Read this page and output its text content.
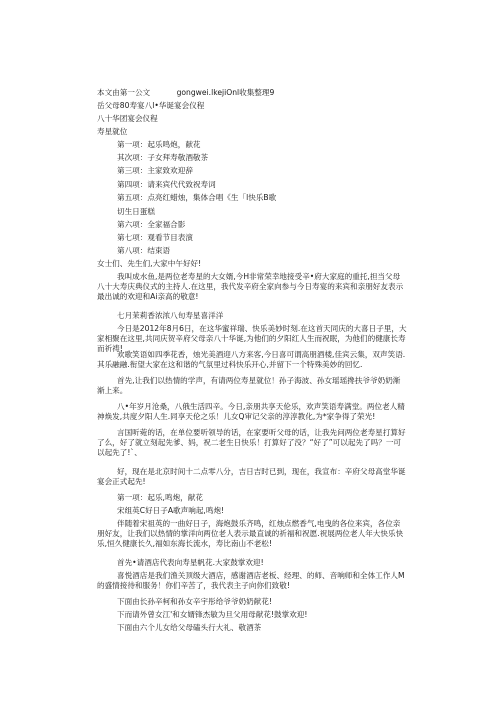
本文由第一公文	gongwei.lkejiOnl收集整理9
岳父母80寿宴八l•华诞宴会仪程
八十华团宴会仪程
寿星就位
第一项：起乐鸣炮，献花
其次项：子女拜寿敬酒敬茶
第三项：主家致欢迎辞
第四项：请来宾代代致祝寿词
第五项：点亮红蜡烛，集体合唱《生「l快乐B歌
切生日蛋糕
第六项：全家福合影
第七项：观看节目表演
第八项：结束语
女士们、先生们,大家中午好好!
我叫成水鱼,是两位老寿星的大女婿,今H非常荣幸地接受辛•府大家庭的重托,担当父母八十大寿庆典仪式的主持人.在这里，我代发辛府全家向参与今日寿宴的来宾和亲朋好友表示最出诚的欢迎和Ai亲高的敬意!
七月茉莉香浓浓八旬寿星喜洋洋
今日是2012年8月6日，在这华蜜祥瑞、快乐美妙时刻.在这首天同庆的大喜日子里，大家相聚在这里,共同庆贺辛府父母亲八十华诞,为他们的夕阳红人生而祝眠，为他们的健康长寿而祈祷!
欢歌笑语如四季花香，烛光美酒迎八方来客,今日喜可谓高朋酒楼,佳宾云集，双声笑语.其乐融融.衔望大家在这和谐的气氛里过科快乐开心,并留下一个特殊美妙的回忆.
首先,让我们以热情的学声，有请两位寿星就位！孙子海波、孙女瑶瑶搀扶爷爷奶奶渐渐上来。
八•年岁月沧桑，八俄生活四辛。今日,亲朋共享天伦乐，欢声笑语寿满堂。两位老人精神焕发,共度夕阳人生.同享天伦之乐！儿女Q审记父亲的淳淳教化,为*家争得了荣光!
言国听菀的话，在单位要听领导的话，在家要听父母的话，让我先问两位老寿星打算好了么，好了就立刻起先爹、妈，祝二老生日快乐！打算好了没？“好了”可以起先了吗？一可以起先了!`、
好，现在是北京时间十二点零八分，吉日吉时已到，现在，我宣布：辛府父母高堂华诞宴会正式起先!
第一项：起乐,鸣炮，献花
宋组英C好日子A歌声响起,鸣炮!
伴随着宋祖英的一曲好日子，海炮鼓乐齐鸣，红烛点燃香气,电曳的各位来宾，各位亲朋好友，让我们以热情的掌洋向两位老人表示最直诚的祈福和祝愿.祝展两位老人年大快乐快乐,恒久健康长久,福如东海长流水，寿比南山不老松!
首先•请酒店代表向寿星帆花.大家鼓掌欢迎!
喜悦酒店是我们渔关顶级大酒店，感谢酒店老板、经理、的师、音响师和全体工作人M的盛情接待和服务！你们辛苦了，我代表主子向你们致敬!
下面由长孙辛柯和孙女辛宇彤给爷爷奶奶献花!
下而请外曾女江'和女婿锋杰敏为旦父用母献花!鼓掌欢迎!
下面由六个儿女给父母磕头行大礼、敬酒茶
